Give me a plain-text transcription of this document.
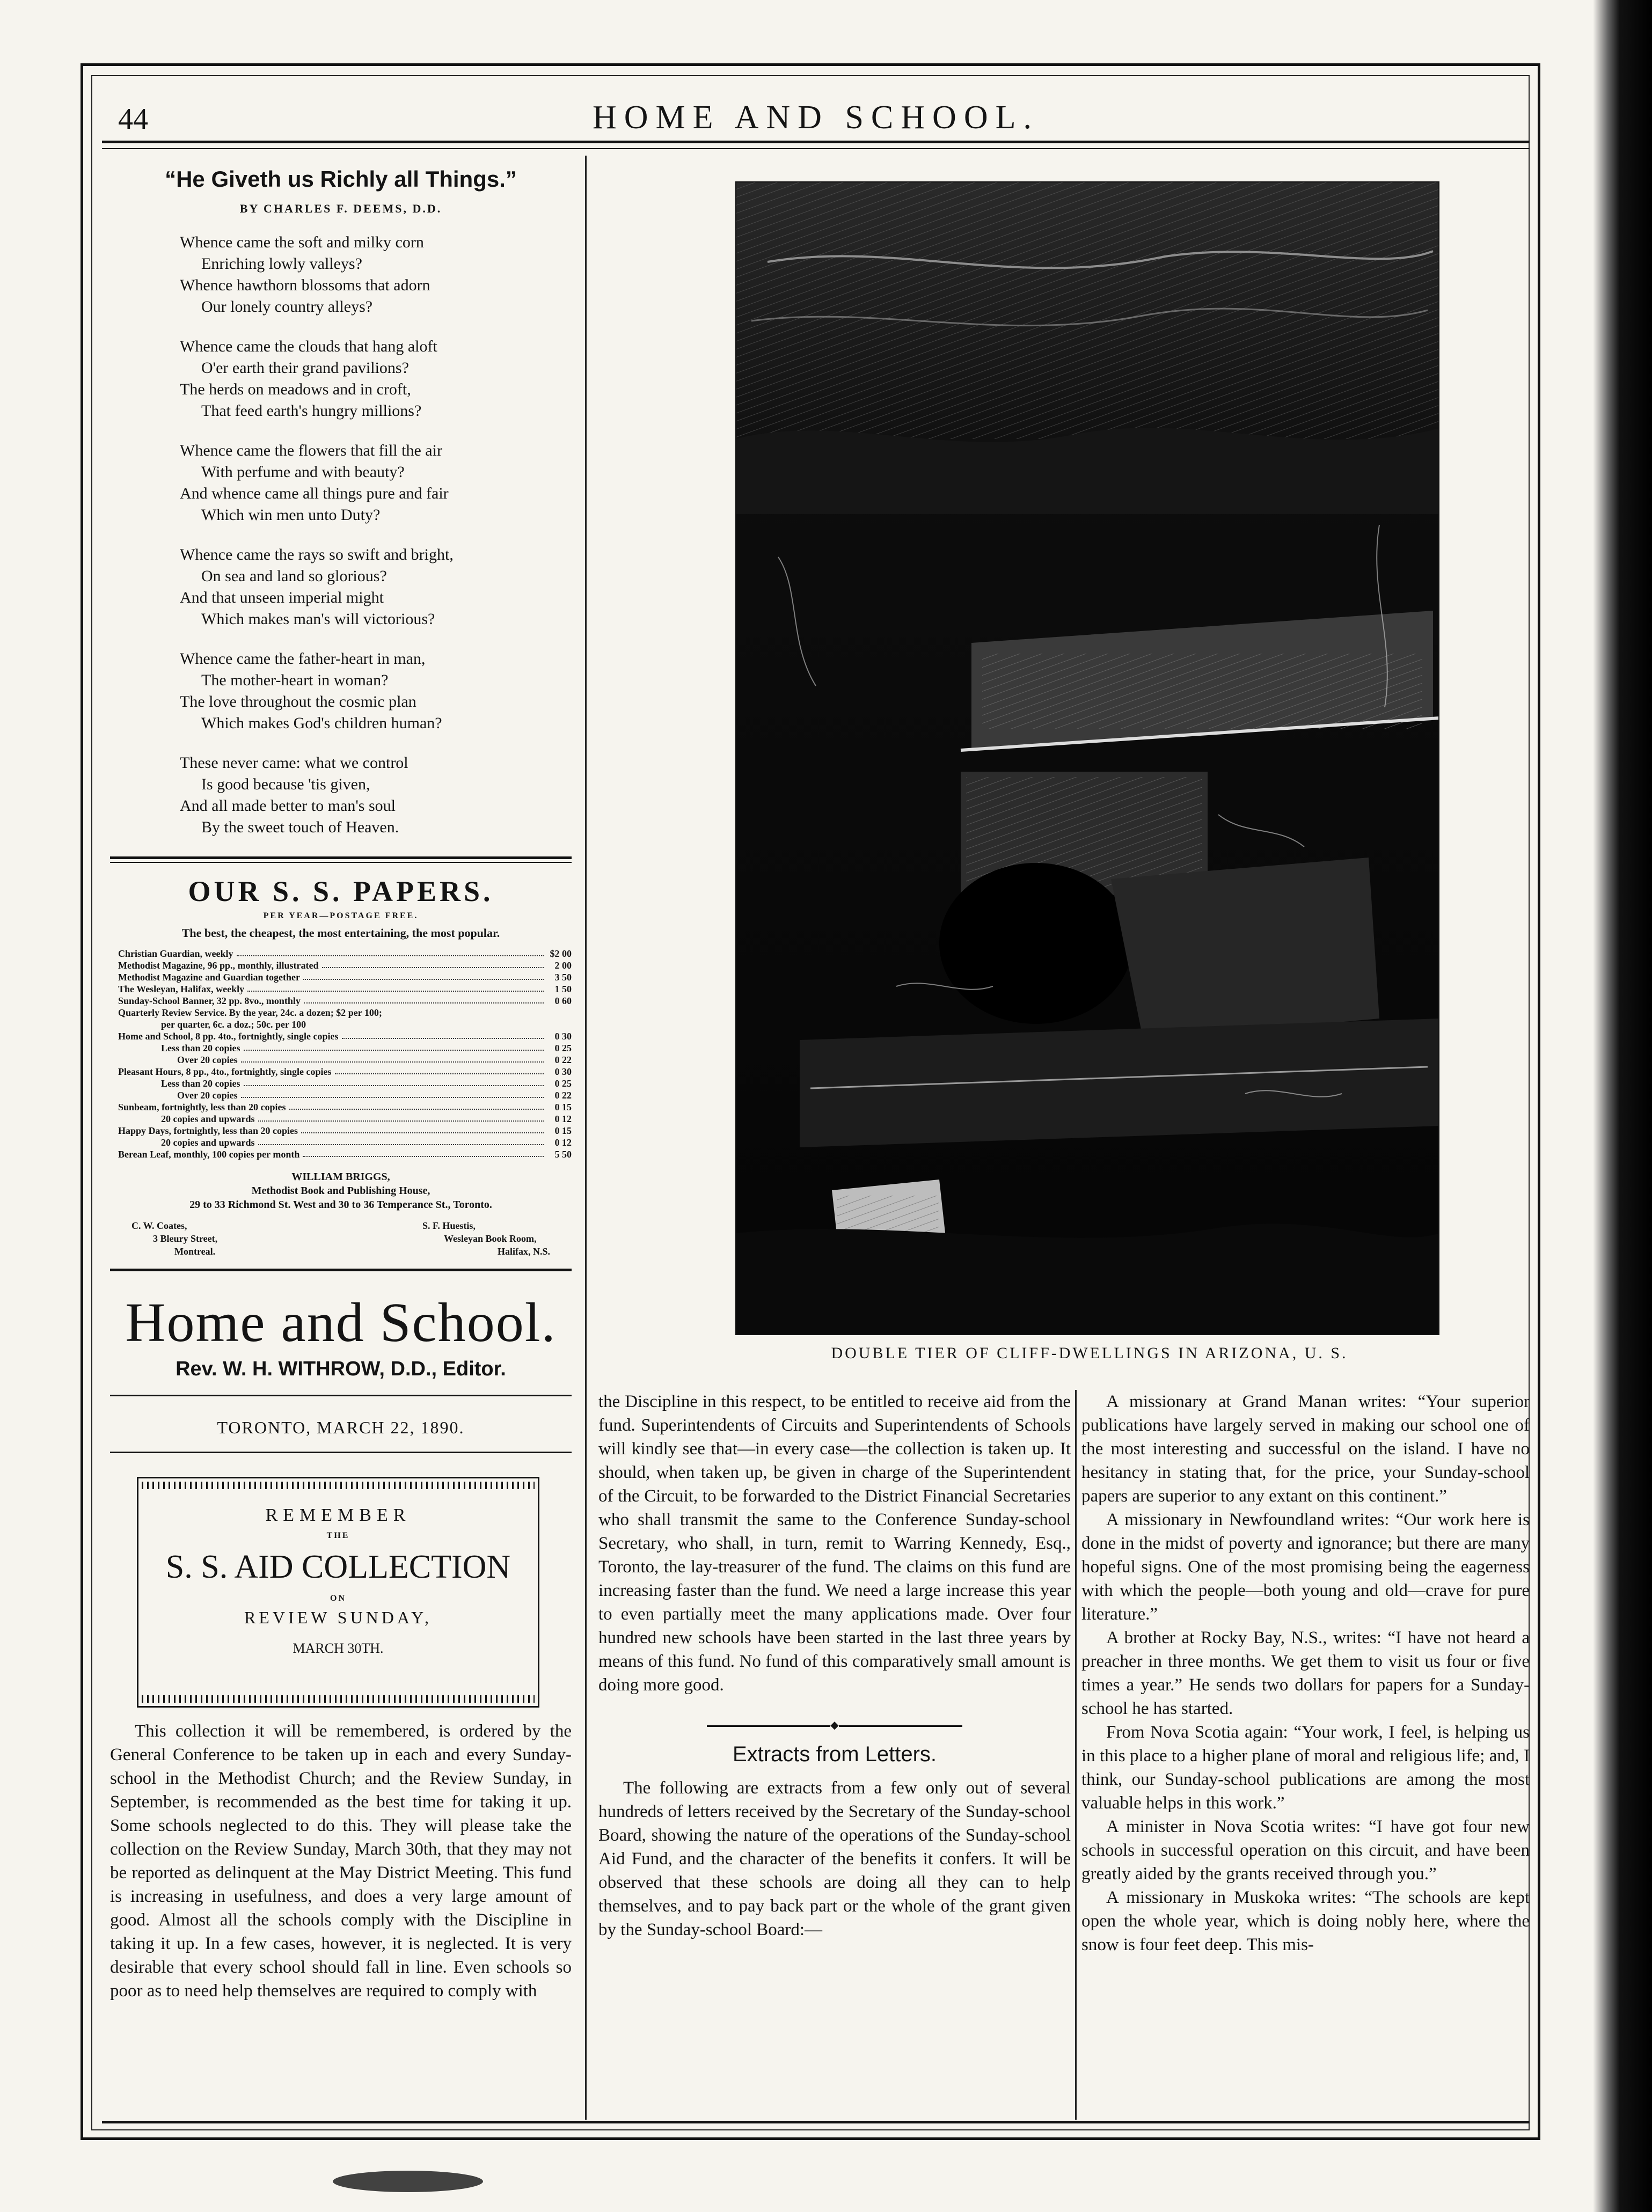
44	HOME AND SCHOOL.
“He Giveth us Richly all Things.”
BY CHARLES F. DEEMS, D.D.
Whence came the soft and milky corn
Enriching lowly valleys?
Whence hawthorn blossoms that adorn
Our lonely country alleys?
Whence came the clouds that hang aloft
O'er earth their grand pavilions?
The herds on meadows and in croft,
That feed earth's hungry millions?
Whence came the flowers that fill the air
With perfume and with beauty?
And whence came all things pure and fair
Which win men unto Duty?
Whence came the rays so swift and bright,
On sea and land so glorious?
And that unseen imperial might
Which makes man's will victorious?
Whence came the father-heart in man,
The mother-heart in woman?
The love throughout the cosmic plan
Which makes God's children human?
These never came: what we control
Is good because 'tis given,
And all made better to man's soul
By the sweet touch of Heaven.
OUR S. S. PAPERS.
PER YEAR—POSTAGE FREE.
The best, the cheapest, the most entertaining, the most popular.
Christian Guardian, weekly	$2 00
Methodist Magazine, 96 pp., monthly, illustrated	2 00
Methodist Magazine and Guardian together	3 50
The Wesleyan, Halifax, weekly	1 50
Sunday-School Banner, 32 pp. 8vo., monthly	0 60
Quarterly Review Service. By the year, 24c. a dozen; $2 per 100;
per quarter, 6c. a doz.; 50c. per 100
Home and School, 8 pp. 4to., fortnightly, single copies	0 30
Less than 20 copies	0 25
Over 20 copies	0 22
Pleasant Hours, 8 pp., 4to., fortnightly, single copies	0 30
Less than 20 copies	0 25
Over 20 copies	0 22
Sunbeam, fortnightly, less than 20 copies	0 15
20 copies and upwards	0 12
Happy Days, fortnightly, less than 20 copies	0 15
20 copies and upwards	0 12
Berean Leaf, monthly, 100 copies per month	5 50
WILLIAM BRIGGS,
Methodist Book and Publishing House,
29 to 33 Richmond St. West and 30 to 36 Temperance St., Toronto.
C. W. Coates,
3 Bleury Street,
Montreal.
S. F. Huestis,
Wesleyan Book Room,
Halifax, N.S.
Home and School.
Rev. W. H. WITHROW, D.D., Editor.
TORONTO, MARCH 22, 1890.
REMEMBER
THE
S. S. AID COLLECTION
ON
REVIEW SUNDAY,
MARCH 30TH.

This collection it will be remembered, is ordered by the General Conference to be taken up in each and every Sunday-school in the Methodist Church; and the Review Sunday, in September, is recommended as the best time for taking it up. Some schools neglected to do this. They will please take the collection on the Review Sunday, March 30th, that they may not be reported as delinquent at the May District Meeting. This fund is increasing in usefulness, and does a very large amount of good. Almost all the schools comply with the Discipline in taking it up. In a few cases, however, it is neglected. It is very desirable that every school should fall in line. Even schools so poor as to need help themselves are required to comply with

DOUBLE TIER OF CLIFF-DWELLINGS IN ARIZONA, U. S.

the Discipline in this respect, to be entitled to receive aid from the fund. Superintendents of Circuits and Superintendents of Schools will kindly see that—in every case—the collection is taken up. It should, when taken up, be given in charge of the Superintendent of the Circuit, to be forwarded to the District Financial Secretaries who shall transmit the same to the Conference Sunday-school Secretary, who shall, in turn, remit to Warring Kennedy, Esq., Toronto, the lay-treasurer of the fund. The claims on this fund are increasing faster than the fund. We need a large increase this year to even partially meet the many applications made. Over four hundred new schools have been started in the last three years by means of this fund. No fund of this comparatively small amount is doing more good.

◆
Extracts from Letters.

The following are extracts from a few only out of several hundreds of letters received by the Secretary of the Sunday-school Board, showing the nature of the operations of the Sunday-school Aid Fund, and the character of the benefits it confers. It will be observed that these schools are doing all they can to help themselves, and to pay back part or the whole of the grant given by the Sunday-school Board:—

A missionary at Grand Manan writes: “Your superior publications have largely served in making our school one of the most interesting and successful on the island. I have no hesitancy in stating that, for the price, your Sunday-school papers are superior to any extant on this continent.”

A missionary in Newfoundland writes: “Our work here is done in the midst of poverty and ignorance; but there are many hopeful signs. One of the most promising being the eagerness with which the people—both young and old—crave for pure literature.”

A brother at Rocky Bay, N.S., writes: “I have not heard a preacher in three months. We get them to visit us four or five times a year.” He sends two dollars for papers for a Sunday-school he has started.

From Nova Scotia again: “Your work, I feel, is helping us in this place to a higher plane of moral and religious life; and, I think, our Sunday-school publications are among the most valuable helps in this work.”

A minister in Nova Scotia writes: “I have got four new schools in successful operation on this circuit, and have been greatly aided by the grants received through you.”

A missionary in Muskoka writes: “The schools are kept open the whole year, which is doing nobly here, where the snow is four feet deep. This mis-
